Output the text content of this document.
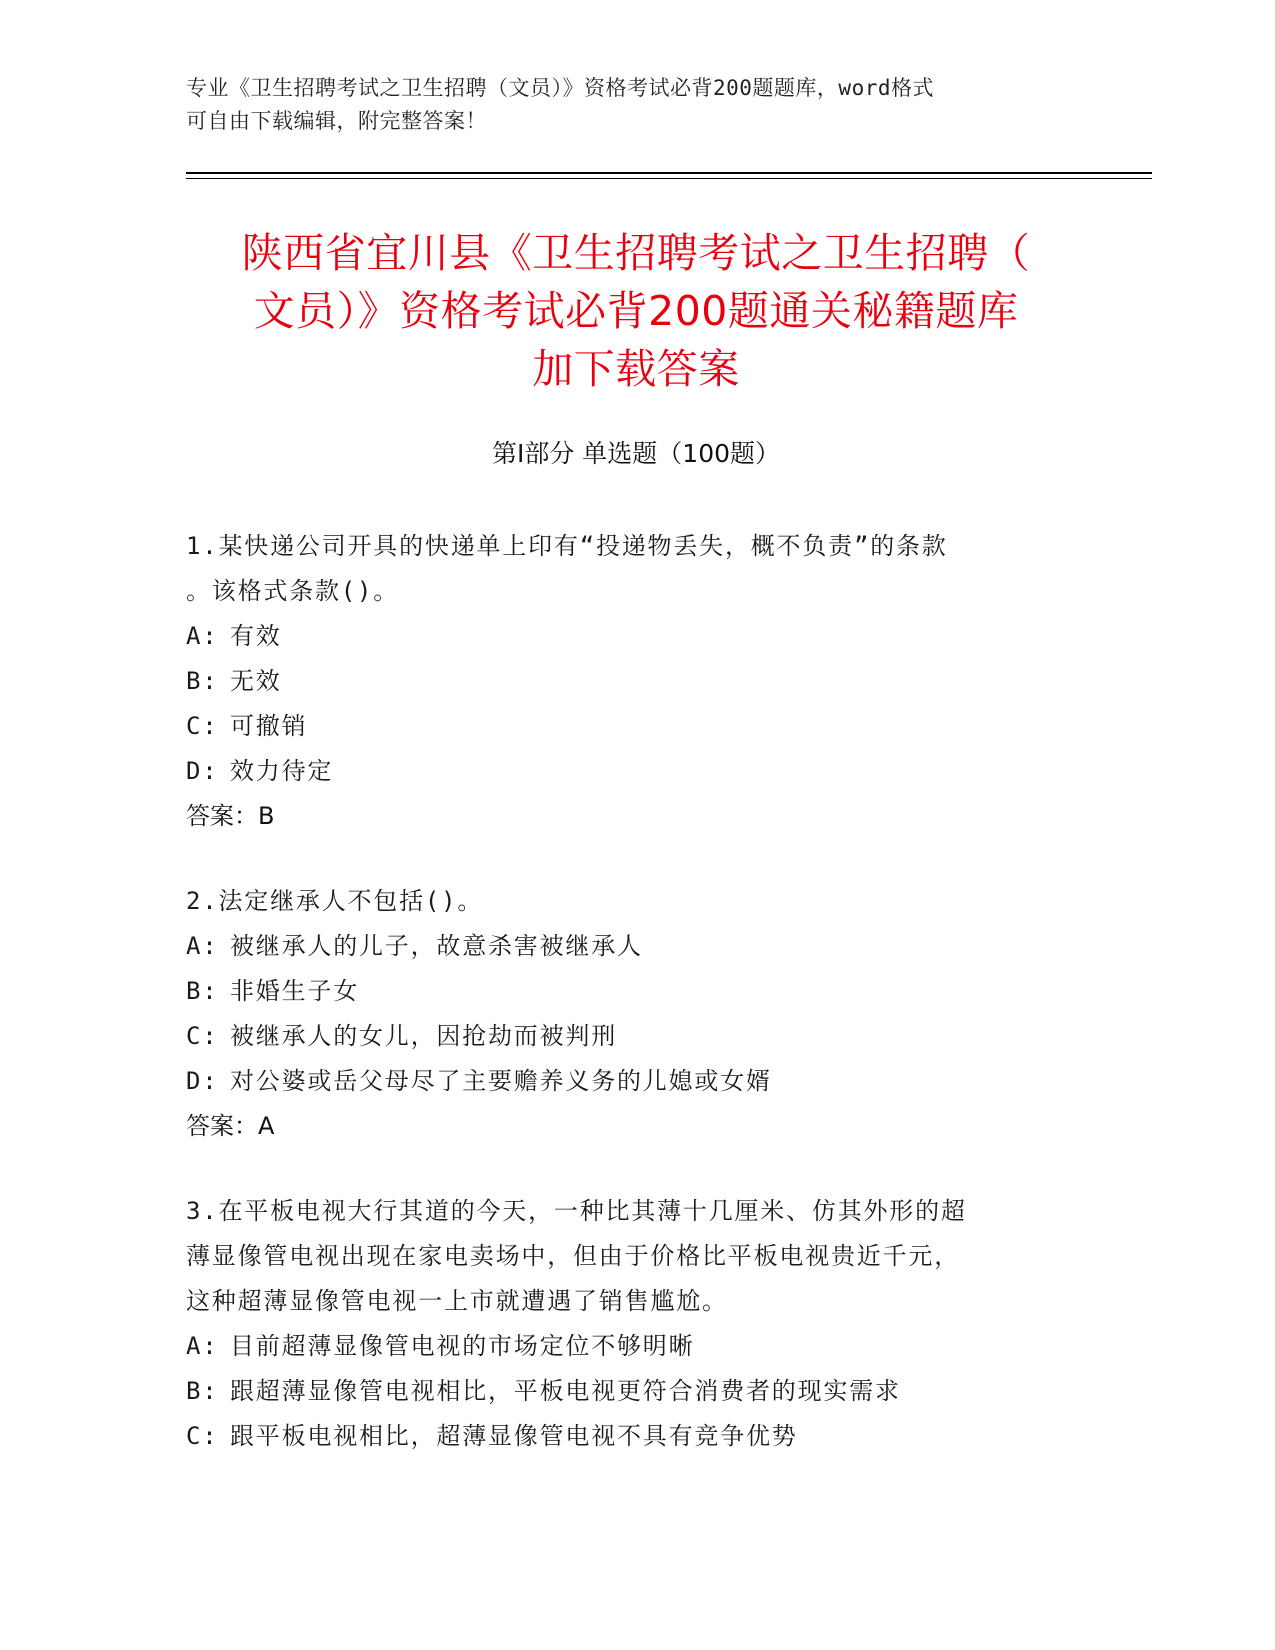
专业《卫生招聘考试之卫生招聘（文员）》资格考试必背200题题库，word格式
可自由下载编辑，附完整答案！
陕西省宜川县《卫生招聘考试之卫生招聘（
文员）》资格考试必背200题通关秘籍题库
加下载答案
第Ⅰ部分 单选题（100题）
1.某快递公司开具的快递单上印有“投递物丢失，概不负责”的条款
。该格式条款()。
A: 有效
B: 无效
C: 可撤销
D: 效力待定
答案：B
2.法定继承人不包括()。
A: 被继承人的儿子，故意杀害被继承人
B: 非婚生子女
C: 被继承人的女儿，因抢劫而被判刑
D: 对公婆或岳父母尽了主要赡养义务的儿媳或女婿
答案：A
3.在平板电视大行其道的今天，一种比其薄十几厘米、仿其外形的超
薄显像管电视出现在家电卖场中，但由于价格比平板电视贵近千元，
这种超薄显像管电视一上市就遭遇了销售尴尬。
A: 目前超薄显像管电视的市场定位不够明晰
B: 跟超薄显像管电视相比，平板电视更符合消费者的现实需求
C: 跟平板电视相比，超薄显像管电视不具有竞争优势
